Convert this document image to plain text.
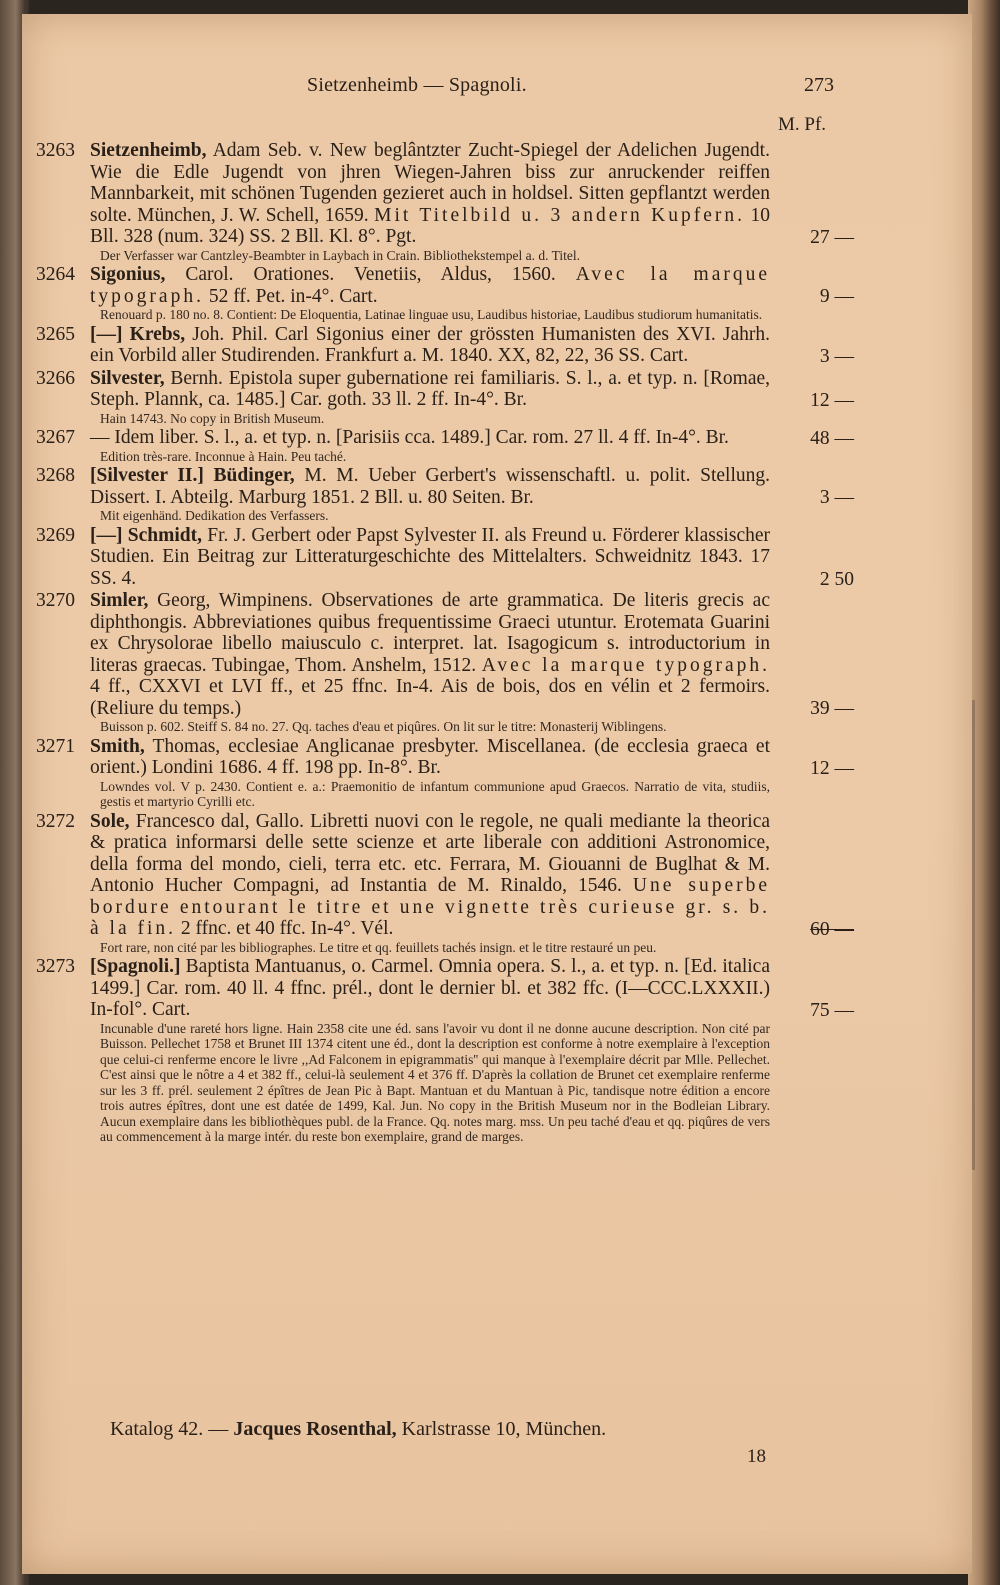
Sietzenheimb — Spagnoli.	273
M. Pf.
3263 Sietzenheimb, Adam Seb. v. New beglântzter Zucht-Spiegel der Adelichen Jugendt. Wie die Edle Jugendt von jhren Wiegen-Jahren biss zur anruckender reiffen Mannbarkeit, mit schönen Tugenden gezieret auch in holdsel. Sitten gepflantzt werden solte. München, J. W. Schell, 1659. Mit Titelbild u. 3 andern Kupfern. 10 Bll. 328 (num. 324) SS. 2 Bll. Kl. 8°. Pgt.	27 —
Der Verfasser war Cantzley-Beambter in Laybach in Crain. Bibliothekstempel a. d. Titel.
3264 Sigonius, Carol. Orationes. Venetiis, Aldus, 1560. Avec la marque typograph. 52 ff. Pet. in-4°. Cart.	9 —
Renouard p. 180 no. 8. Contient: De Eloquentia, Latinae linguae usu, Laudibus historiae, Laudibus studiorum humanitatis.
3265 [—] Krebs, Joh. Phil. Carl Sigonius einer der grössten Humanisten des XVI. Jahrh. ein Vorbild aller Studirenden. Frankfurt a. M. 1840. XX, 82, 22, 36 SS. Cart.	3 —
3266 Silvester, Bernh. Epistola super gubernatione rei familiaris. S. l., a. et typ. n. [Romae, Steph. Plannk, ca. 1485.] Car. goth. 33 ll. 2 ff. In-4°. Br.	12 —
Hain 14743. No copy in British Museum.
3267 — Idem liber. S. l., a. et typ. n. [Parisiis cca. 1489.] Car. rom. 27 ll. 4 ff. In-4°. Br.	48 —
Edition très-rare. Inconnue à Hain. Peu taché.
3268 [Silvester II.] Büdinger, M. M. Ueber Gerbert's wissenschaftl. u. polit. Stellung. Dissert. I. Abteilg. Marburg 1851. 2 Bll. u. 80 Seiten. Br.	3 —
Mit eigenhänd. Dedikation des Verfassers.
3269 [—] Schmidt, Fr. J. Gerbert oder Papst Sylvester II. als Freund u. Förderer klassischer Studien. Ein Beitrag zur Litteraturgeschichte des Mittelalters. Schweidnitz 1843. 17 SS. 4.	2 50
3270 Simler, Georg, Wimpinens. Observationes de arte grammatica. De literis grecis ac diphthongis. Abbreviationes quibus frequentissime Graeci utuntur. Erotemata Guarini ex Chrysolorae libello maiusculo c. interpret. lat. Isagogicum s. introductorium in literas graecas. Tubingae, Thom. Anshelm, 1512. Avec la marque typograph. 4 ff., CXXVI et LVI ff., et 25 ffnc. In-4. Ais de bois, dos en vélin et 2 fermoirs. (Reliure du temps.)	39 —
Buisson p. 602. Steiff S. 84 no. 27. Qq. taches d'eau et piqûres. On lit sur le titre: Monasterij Wiblingens.
3271 Smith, Thomas, ecclesiae Anglicanae presbyter. Miscellanea. (de ecclesia graeca et orient.) Londini 1686. 4 ff. 198 pp. In-8°. Br.	12 —
Lowndes vol. V p. 2430. Contient e. a.: Praemonitio de infantum communione apud Graecos. Narratio de vita, studiis, gestis et martyrio Cyrilli etc.
3272 Sole, Francesco dal, Gallo. Libretti nuovi con le regole, ne quali mediante la theorica & pratica informarsi delle sette scienze et arte liberale con additioni Astronomice, della forma del mondo, cieli, terra etc. etc. Ferrara, M. Giouanni de Buglhat & M. Antonio Hucher Compagni, ad Instantia de M. Rinaldo, 1546. Une superbe bordure entourant le titre et une vignette très curieuse gr. s. b. à la fin. 2 ffnc. et 40 ffc. In-4°. Vél.	60 —
Fort rare, non cité par les bibliographes. Le titre et qq. feuillets tachés insign. et le titre restauré un peu.
3273 [Spagnoli.] Baptista Mantuanus, o. Carmel. Omnia opera. S. l., a. et typ. n. [Ed. italica 1499.] Car. rom. 40 ll. 4 ffnc. prél., dont le dernier bl. et 382 ffc. (I—CCC.LXXXII.) In-fol°. Cart.	75 —
Incunable d'une rareté hors ligne. Hain 2358 cite une éd. sans l'avoir vu dont il ne donne aucune description. Non cité par Buisson. Pellechet 1758 et Brunet III 1374 citent une éd., dont la description est conforme à notre exemplaire à l'exception que celui-ci renferme encore le livre ,,Ad Falconem in epigrammatis'' qui manque à l'exemplaire décrit par Mlle. Pellechet. C'est ainsi que le nôtre a 4 et 382 ff., celui-là seulement 4 et 376 ff. D'après la collation de Brunet cet exemplaire renferme sur les 3 ff. prél. seulement 2 épîtres de Jean Pic à Bapt. Mantuan et du Mantuan à Pic, tandisque notre édition a encore trois autres épîtres, dont une est datée de 1499, Kal. Jun. No copy in the British Museum nor in the Bodleian Library. Aucun exemplaire dans les bibliothèques publ. de la France. Qq. notes marg. mss. Un peu taché d'eau et qq. piqûres de vers au commencement à la marge intér. du reste bon exemplaire, grand de marges.
Katalog 42. — Jacques Rosenthal, Karlstrasse 10, München.
18
